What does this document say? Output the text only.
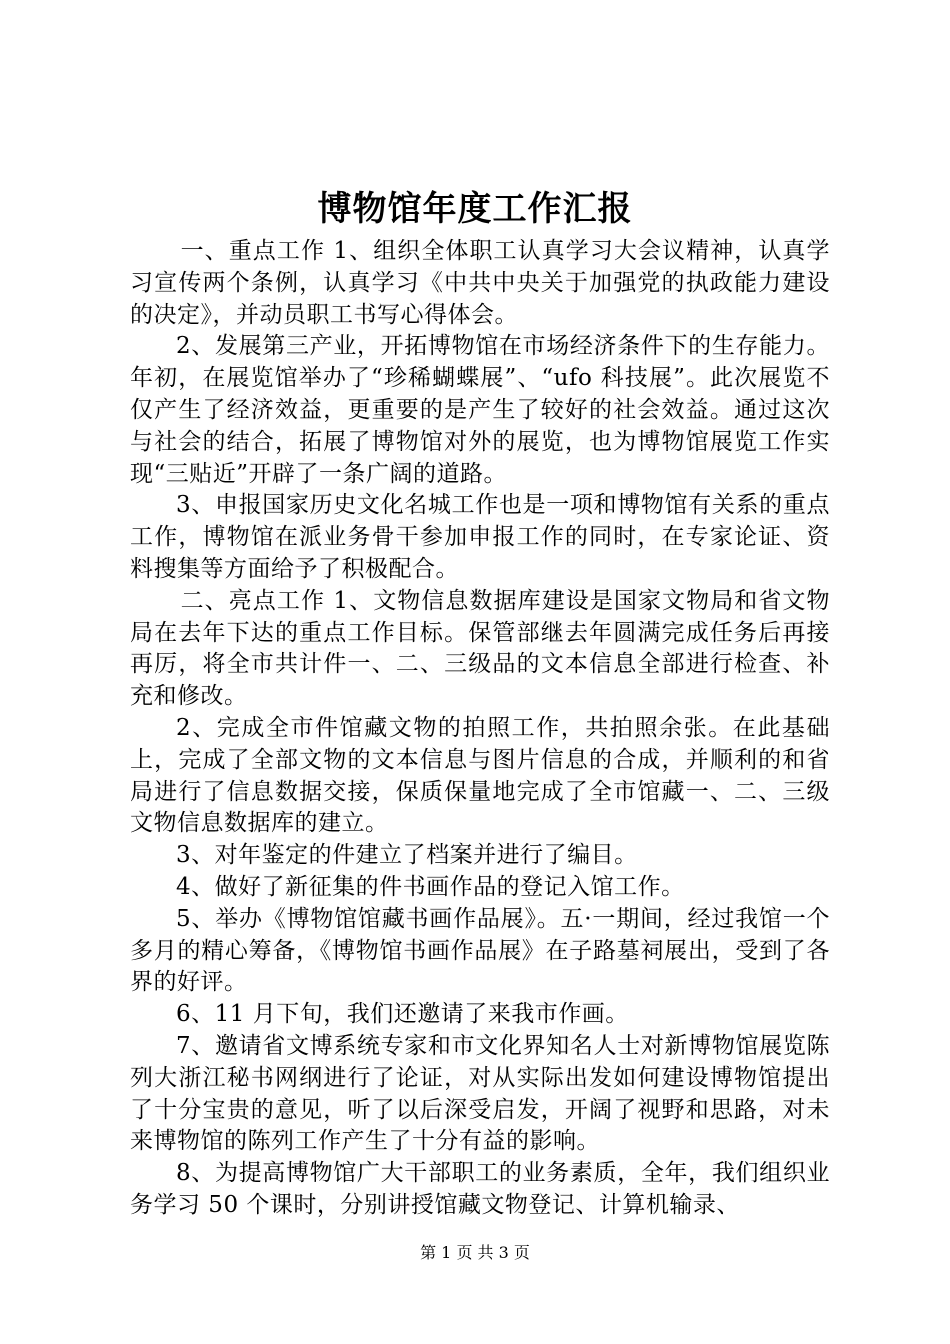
博物馆年度工作汇报

一、重点工作 1、组织全体职工认真学习大会议精神，认真学习宣传两个条例，认真学习《中共中央关于加强党的执政能力建设的决定》，并动员职工书写心得体会。

2、发展第三产业，开拓博物馆在市场经济条件下的生存能力。年初，在展览馆举办了“珍稀蝴蝶展”、“ufo 科技展”。此次展览不仅产生了经济效益，更重要的是产生了较好的社会效益。通过这次与社会的结合，拓展了博物馆对外的展览，也为博物馆展览工作实现“三贴近”开辟了一条广阔的道路。

3、申报国家历史文化名城工作也是一项和博物馆有关系的重点工作，博物馆在派业务骨干参加申报工作的同时，在专家论证、资料搜集等方面给予了积极配合。

二、亮点工作 1、文物信息数据库建设是国家文物局和省文物局在去年下达的重点工作目标。保管部继去年圆满完成任务后再接再厉，将全市共计件一、二、三级品的文本信息全部进行检查、补充和修改。

2、完成全市件馆藏文物的拍照工作，共拍照余张。在此基础上，完成了全部文物的文本信息与图片信息的合成，并顺利的和省局进行了信息数据交接，保质保量地完成了全市馆藏一、二、三级文物信息数据库的建立。

3、对年鉴定的件建立了档案并进行了编目。

4、做好了新征集的件书画作品的登记入馆工作。

5、举办《博物馆馆藏书画作品展》。五·一期间，经过我馆一个多月的精心筹备，《博物馆书画作品展》在子路墓祠展出，受到了各界的好评。

6、11 月下旬，我们还邀请了来我市作画。

7、邀请省文博系统专家和市文化界知名人士对新博物馆展览陈列大浙江秘书网纲进行了论证，对从实际出发如何建设博物馆提出了十分宝贵的意见，听了以后深受启发，开阔了视野和思路，对未来博物馆的陈列工作产生了十分有益的影响。

8、为提高博物馆广大干部职工的业务素质，全年，我们组织业务学习 50 个课时，分别讲授馆藏文物登记、计算机输录、

第 1 页 共 3 页
